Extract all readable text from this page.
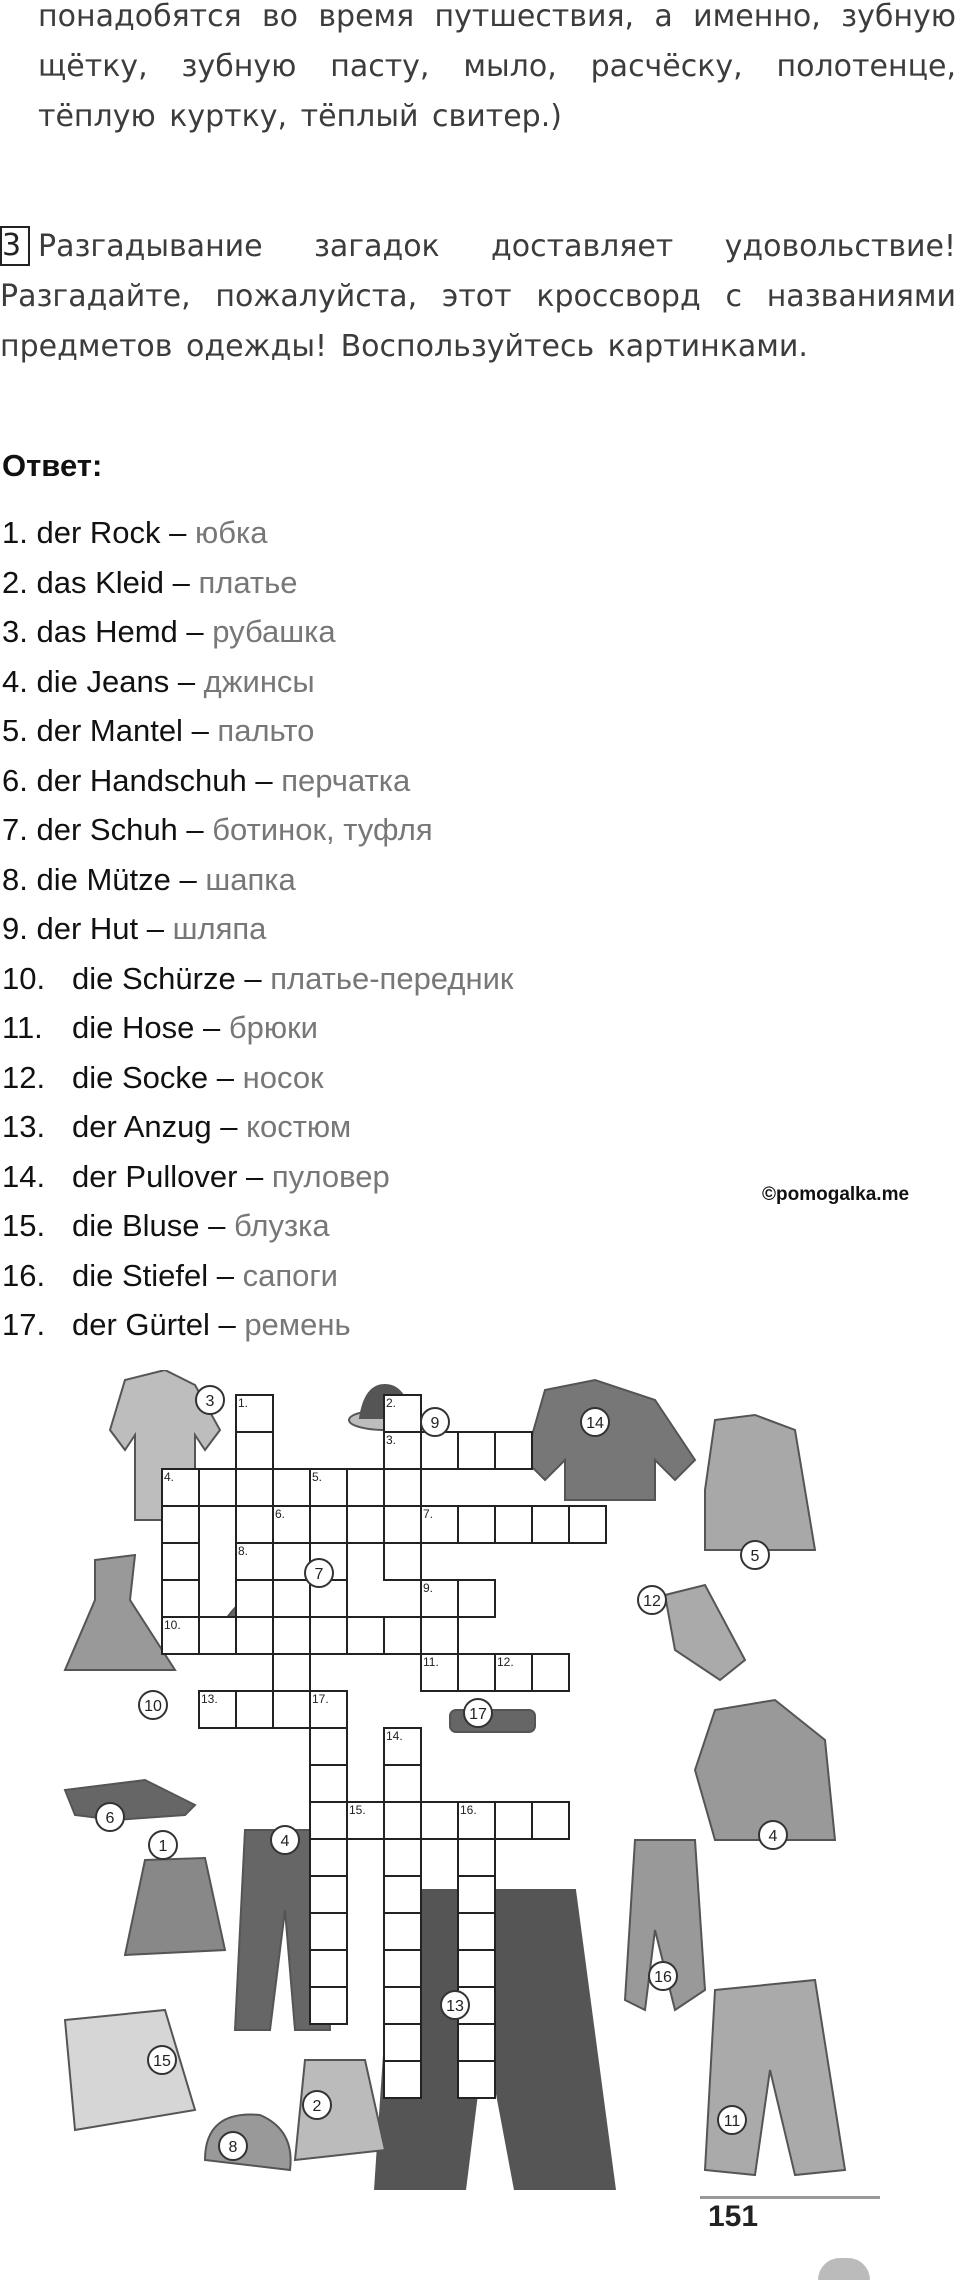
понадобятся во время путшествия, а именно, зубную щётку, зубную пасту, мыло, расчёску, полотенце, тёплую куртку, тёплый свитер.)
3 Разгадывание загадок доставляет удовольствие! Разгадайте, пожалуйста, этот кроссворд с названиями предметов одежды! Воспользуйтесь картинками.
Ответ:
1. der Rock – юбка
2. das Kleid – платье
3. das Hemd – рубашка
4. die Jeans – джинсы
5. der Mantel – пальто
6. der Handschuh – перчатка
7. der Schuh – ботинок, туфля
8. die Mütze – шапка
9. der Hut – шляпа
10. die Schürze – платье-передник
11. die Hose – брюки
12. die Socke – носок
13. der Anzug – костюм
14. der Pullover – пуловер
15. die Bluse – блузка
16. die Stiefel – сапоги
17. der Gürtel – ремень
©pomogalka.me
1.	2.
3.
4.	5.
6.	7.
8.
9.
10.
11.	12.
13.
14.
15.	16.
17.
1
2
3
4	4
5
6
7
8
9
10
11
12
13
14
15
16
17
151
